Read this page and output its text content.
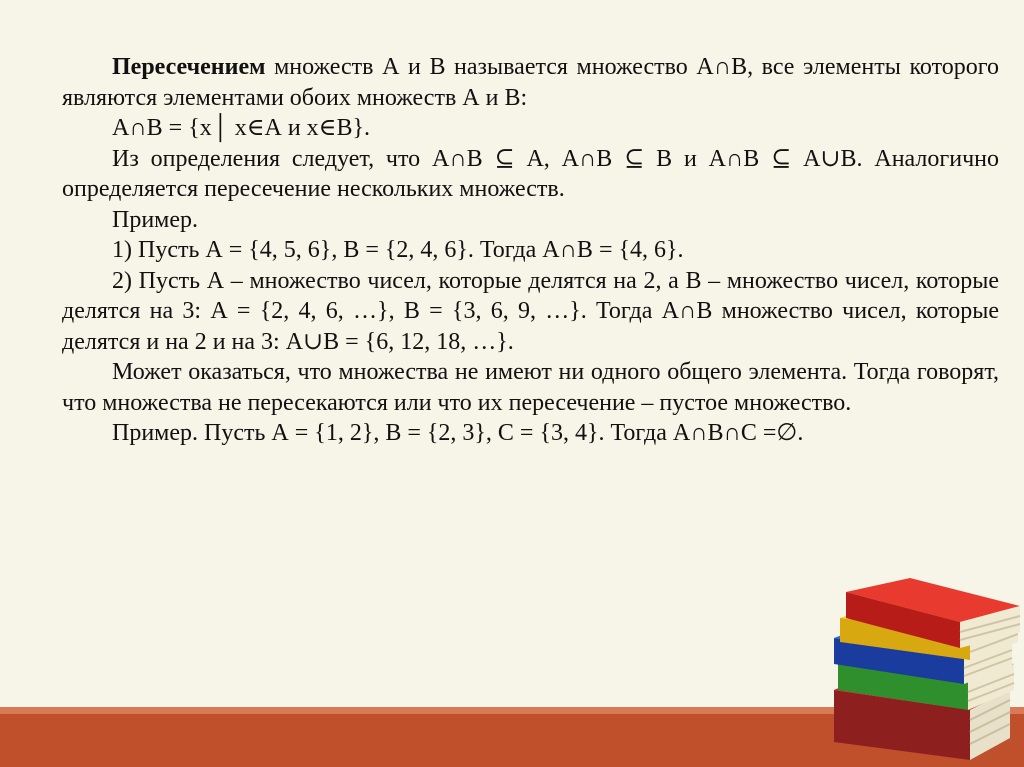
Пересечением множеств А и В называется множество А∩В, все элементы которого являются элементами обоих множеств А и В:

А∩В = {x│ x∈А и x∈В}.

Из определения следует, что А∩В ⊆ А, А∩В ⊆ В и А∩В ⊆ А∪В. Аналогично определяется пересечение нескольких множеств.

Пример.

1) Пусть А = {4, 5, 6}, В = {2, 4, 6}. Тогда А∩В = {4, 6}.

2) Пусть А – множество чисел, которые делятся на 2, а В – множество чисел, которые делятся на 3: А = {2, 4, 6, …}, В = {3, 6, 9, …}. Тогда А∩В множество чисел, которые делятся и на 2 и на 3: А∪В = {6, 12, 18, …}.

Может оказаться, что множества не имеют ни одного общего элемента. Тогда говорят, что множества не пересекаются или что их пересечение – пустое множество.

Пример. Пусть А = {1, 2}, В = {2, 3}, С = {3, 4}. Тогда А∩В∩С =∅.
